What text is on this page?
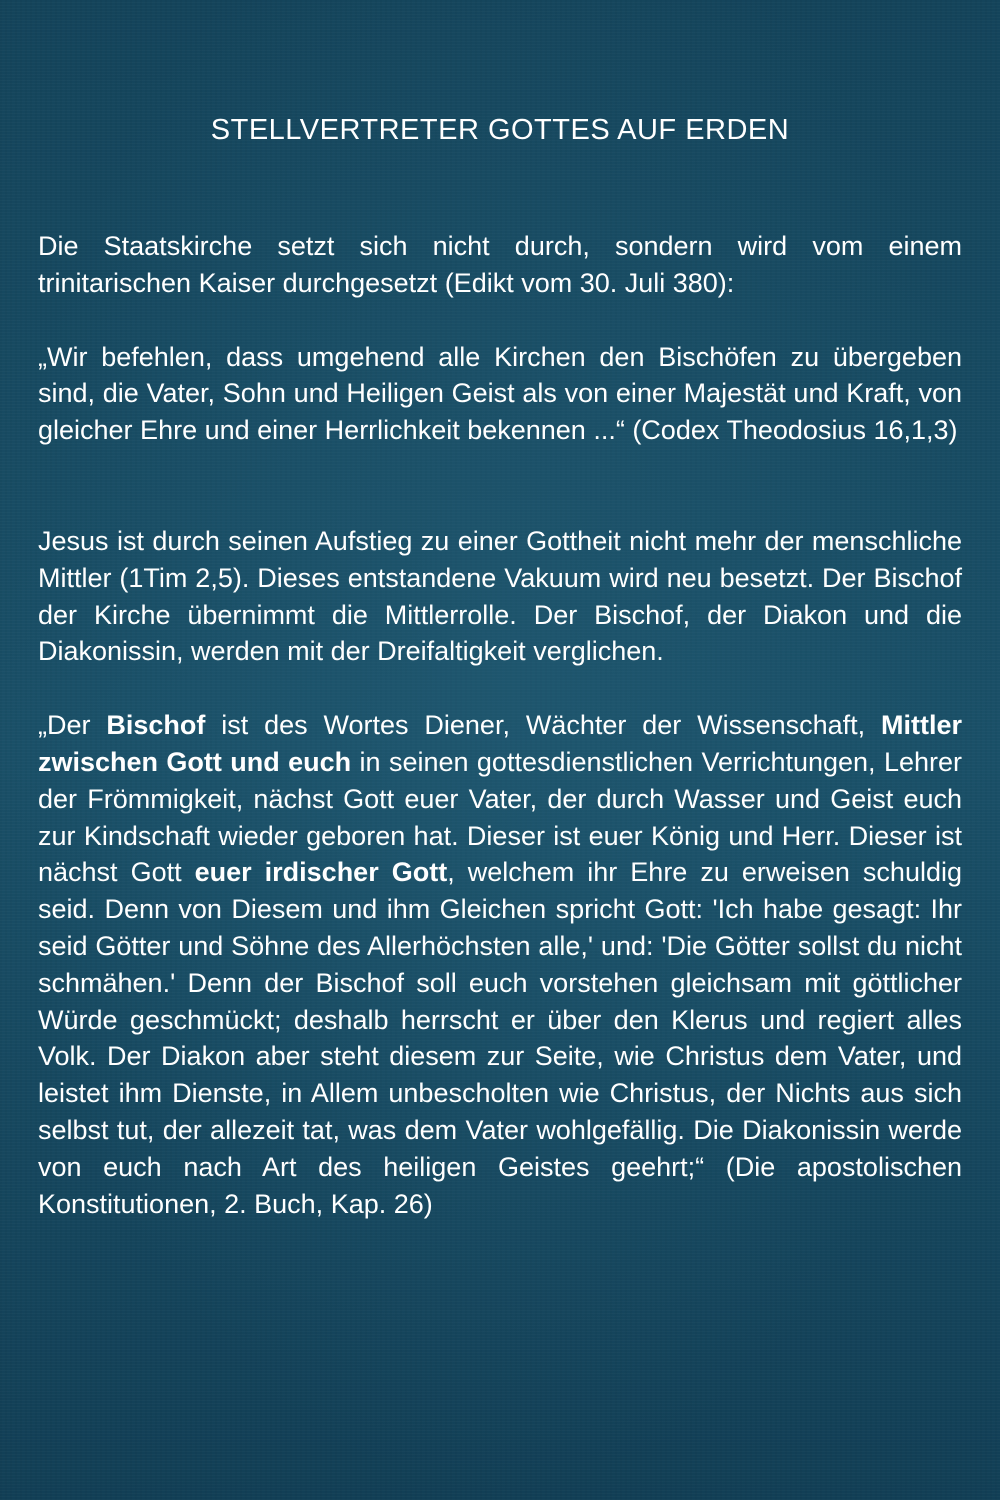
STELLVERTRETER GOTTES AUF ERDEN

Die Staatskirche setzt sich nicht durch, sondern wird vom einem trinitarischen Kaiser durchgesetzt (Edikt vom 30. Juli 380):

„Wir befehlen, dass umgehend alle Kirchen den Bischöfen zu übergeben sind, die Vater, Sohn und Heiligen Geist als von einer Majestät und Kraft, von gleicher Ehre und einer Herrlichkeit bekennen ...“ (Codex Theodosius 16,1,3)

Jesus ist durch seinen Aufstieg zu einer Gottheit nicht mehr der menschliche Mittler (1Tim 2,5). Dieses entstandene Vakuum wird neu besetzt. Der Bischof der Kirche übernimmt die Mittlerrolle. Der Bischof, der Diakon und die Diakonissin, werden mit der Dreifaltigkeit verglichen.

„Der Bischof ist des Wortes Diener, Wächter der Wissenschaft, Mittler zwischen Gott und euch in seinen gottesdienstlichen Verrichtungen, Lehrer der Frömmigkeit, nächst Gott euer Vater, der durch Wasser und Geist euch zur Kindschaft wieder geboren hat. Dieser ist euer König und Herr. Dieser ist nächst Gott euer irdischer Gott, welchem ihr Ehre zu erweisen schuldig seid. Denn von Diesem und ihm Gleichen spricht Gott: 'Ich habe gesagt: Ihr seid Götter und Söhne des Allerhöchsten alle,' und: 'Die Götter sollst du nicht schmähen.' Denn der Bischof soll euch vorstehen gleichsam mit göttlicher Würde geschmückt; deshalb herrscht er über den Klerus und regiert alles Volk. Der Diakon aber steht diesem zur Seite, wie Christus dem Vater, und leistet ihm Dienste, in Allem unbescholten wie Christus, der Nichts aus sich selbst tut, der allezeit tat, was dem Vater wohlgefällig. Die Diakonissin werde von euch nach Art des heiligen Geistes geehrt;“ (Die apostolischen Konstitutionen, 2. Buch, Kap. 26)
